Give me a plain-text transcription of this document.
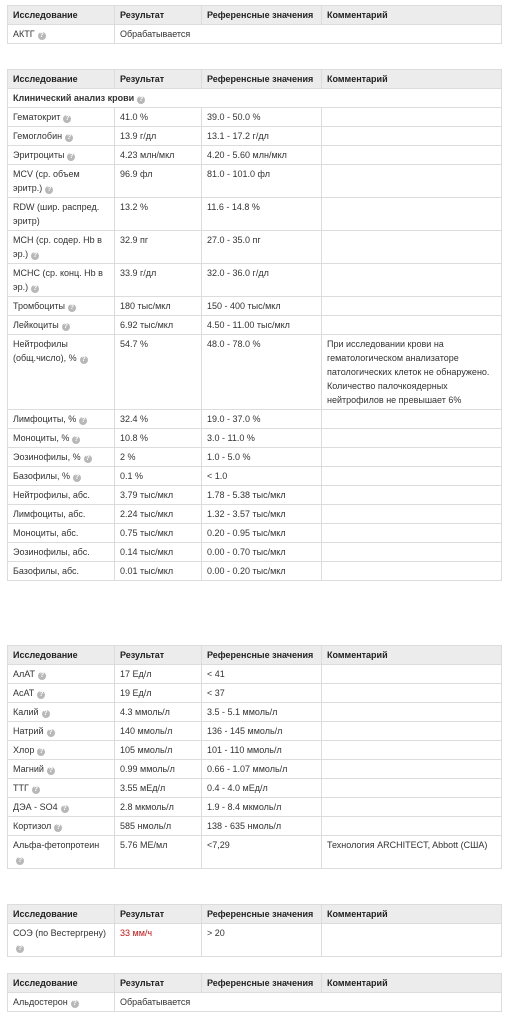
Исследование	Результат	Референсные значения	Комментарий
АКТГ ?	Обрабатывается		
Исследование	Результат	Референсные значения	Комментарий
Клинический анализ крови ?			
Гематокрит ?	41.0 %	39.0 - 50.0 %	
Гемоглобин ?	13.9 г/дл	13.1 - 17.2 г/дл	
Эритроциты ?	4.23 млн/мкл	4.20 - 5.60 млн/мкл	
MCV (ср. объем эритр.) ?	96.9 фл	81.0 - 101.0 фл	
RDW (шир. распред. эритр)	13.2 %	11.6 - 14.8 %	
MCH (ср. содер. Hb в эр.) ?	32.9 пг	27.0 - 35.0 пг	
MCHC (ср. конц. Hb в эр.) ?	33.9 г/дл	32.0 - 36.0 г/дл	
Тромбоциты ?	180 тыс/мкл	150 - 400 тыс/мкл	
Лейкоциты ?	6.92 тыс/мкл	4.50 - 11.00 тыс/мкл	
Нейтрофилы (общ.число), % ?	54.7 %	48.0 - 78.0 %	При исследовании крови на гематологическом анализаторе патологических клеток не обнаружено. Количество палочкоядерных нейтрофилов не превышает 6%
Лимфоциты, % ?	32.4 %	19.0 - 37.0 %	
Моноциты, % ?	10.8 %	3.0 - 11.0 %	
Эозинофилы, % ?	2 %	1.0 - 5.0 %	
Базофилы, % ?	0.1 %	< 1.0	
Нейтрофилы, абс.	3.79 тыс/мкл	1.78 - 5.38 тыс/мкл	
Лимфоциты, абс.	2.24 тыс/мкл	1.32 - 3.57 тыс/мкл	
Моноциты, абс.	0.75 тыс/мкл	0.20 - 0.95 тыс/мкл	
Эозинофилы, абс.	0.14 тыс/мкл	0.00 - 0.70 тыс/мкл	
Базофилы, абс.	0.01 тыс/мкл	0.00 - 0.20 тыс/мкл	
Исследование	Результат	Референсные значения	Комментарий
АлАТ ?	17 Ед/л	< 41	
АсАТ ?	19 Ед/л	< 37	
Калий ?	4.3 ммоль/л	3.5 - 5.1 ммоль/л	
Натрий ?	140 ммоль/л	136 - 145 ммоль/л	
Хлор ?	105 ммоль/л	101 - 110 ммоль/л	
Магний ?	0.99 ммоль/л	0.66 - 1.07 ммоль/л	
ТТГ ?	3.55 мЕд/л	0.4 - 4.0 мЕд/л	
ДЭА - SO4 ?	2.8 мкмоль/л	1.9 - 8.4 мкмоль/л	
Кортизол ?	585 нмоль/л	138 - 635 нмоль/л	
Альфа-фетопротеин?	5.76 МЕ/мл	<7,29	Технология ARCHITECT, Abbott (США)
Исследование	Результат	Референсные значения	Комментарий
СОЭ (по Вестергрену)?	33 мм/ч	> 20	
Исследование	Результат	Референсные значения	Комментарий
Альдостерон ?	Обрабатывается		
